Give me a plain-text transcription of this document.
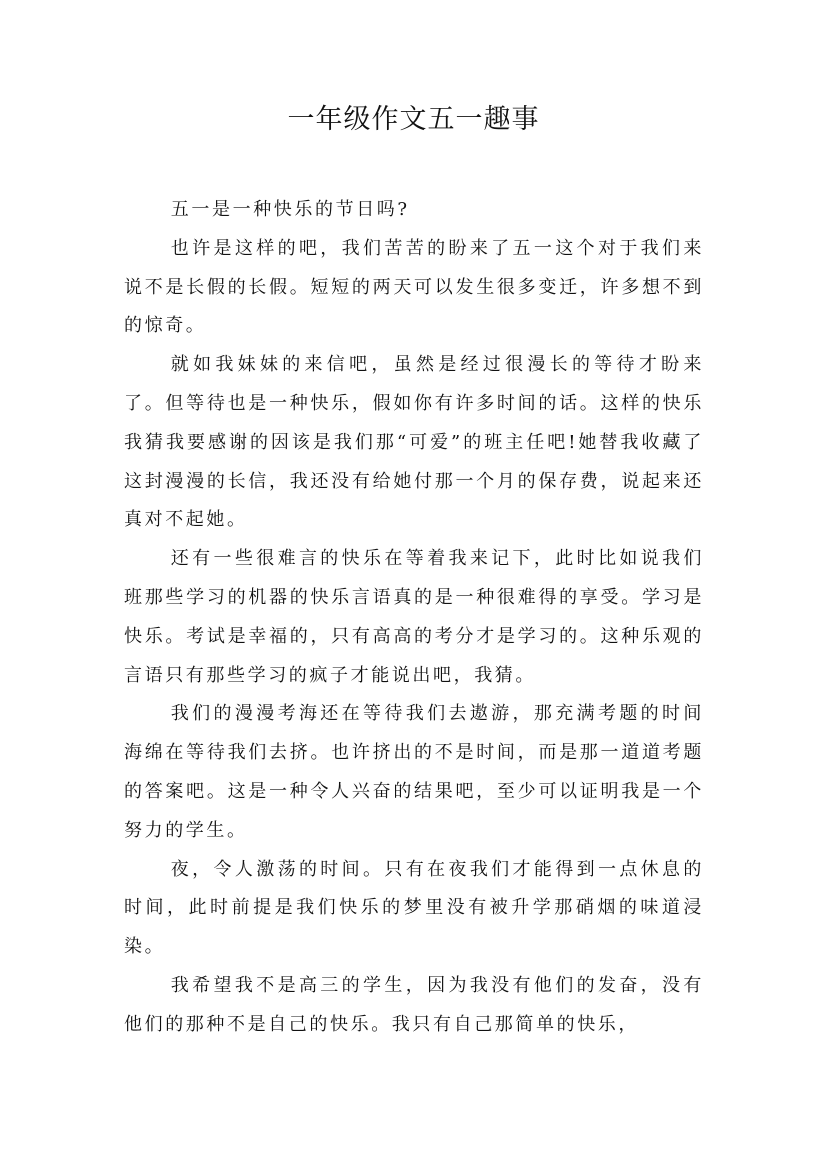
一年级作文五一趣事

五一是一种快乐的节日吗?

也许是这样的吧，我们苦苦的盼来了五一这个对于我们来说不是长假的长假。短短的两天可以发生很多变迁，许多想不到的惊奇。

就如我妹妹的来信吧，虽然是经过很漫长的等待才盼来了。但等待也是一种快乐，假如你有许多时间的话。这样的快乐我猜我要感谢的因该是我们那“可爱”的班主任吧!她替我收藏了这封漫漫的长信，我还没有给她付那一个月的保存费，说起来还真对不起她。

还有一些很难言的快乐在等着我来记下，此时比如说我们班那些学习的机器的快乐言语真的是一种很难得的享受。学习是快乐。考试是幸福的，只有高高的考分才是学习的。这种乐观的言语只有那些学习的疯子才能说出吧，我猜。

我们的漫漫考海还在等待我们去遨游，那充满考题的时间海绵在等待我们去挤。也许挤出的不是时间，而是那一道道考题的答案吧。这是一种令人兴奋的结果吧，至少可以证明我是一个努力的学生。

夜，令人激荡的时间。只有在夜我们才能得到一点休息的时间，此时前提是我们快乐的梦里没有被升学那硝烟的味道浸染。

我希望我不是高三的学生，因为我没有他们的发奋，没有他们的那种不是自己的快乐。我只有自己那简单的快乐，
